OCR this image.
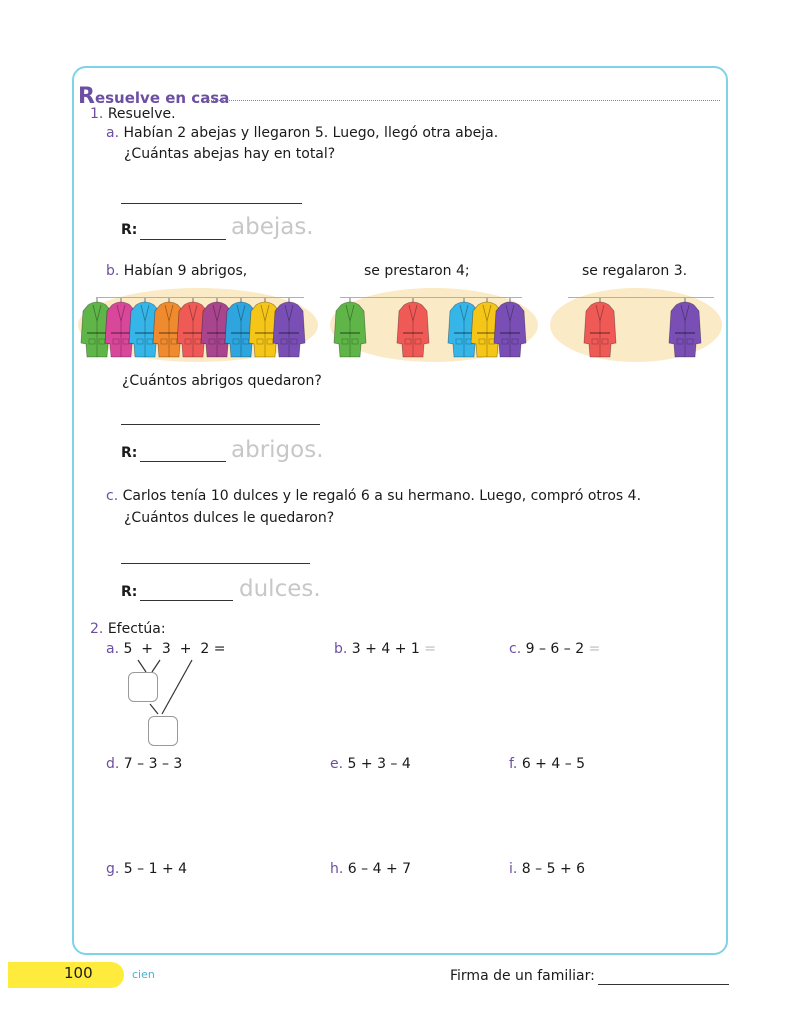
Resuelve en casa
1. Resuelve.
a. Habían 2 abejas y llegaron 5. Luego, llegó otra abeja.
¿Cuántas abejas hay en total?
R:	abejas.
b. Habían 9 abrigos,	se prestaron 4;	se regalaron 3.
¿Cuántos abrigos quedaron?
R:	abrigos.
c. Carlos tenía 10 dulces y le regaló 6 a su hermano. Luego, compró otros 4.
¿Cuántos dulces le quedaron?
R:	dulces.
2. Efectúa:
a. 5  +  3  +  2 =	b. 3 + 4 + 1 =	c. 9 – 6 – 2 =
d. 7 – 3 – 3	e. 5 + 3 – 4	f. 6 + 4 – 5
g. 5 – 1 + 4	h. 6 – 4 + 7	i. 8 – 5 + 6
100	cien	Firma de un familiar:
